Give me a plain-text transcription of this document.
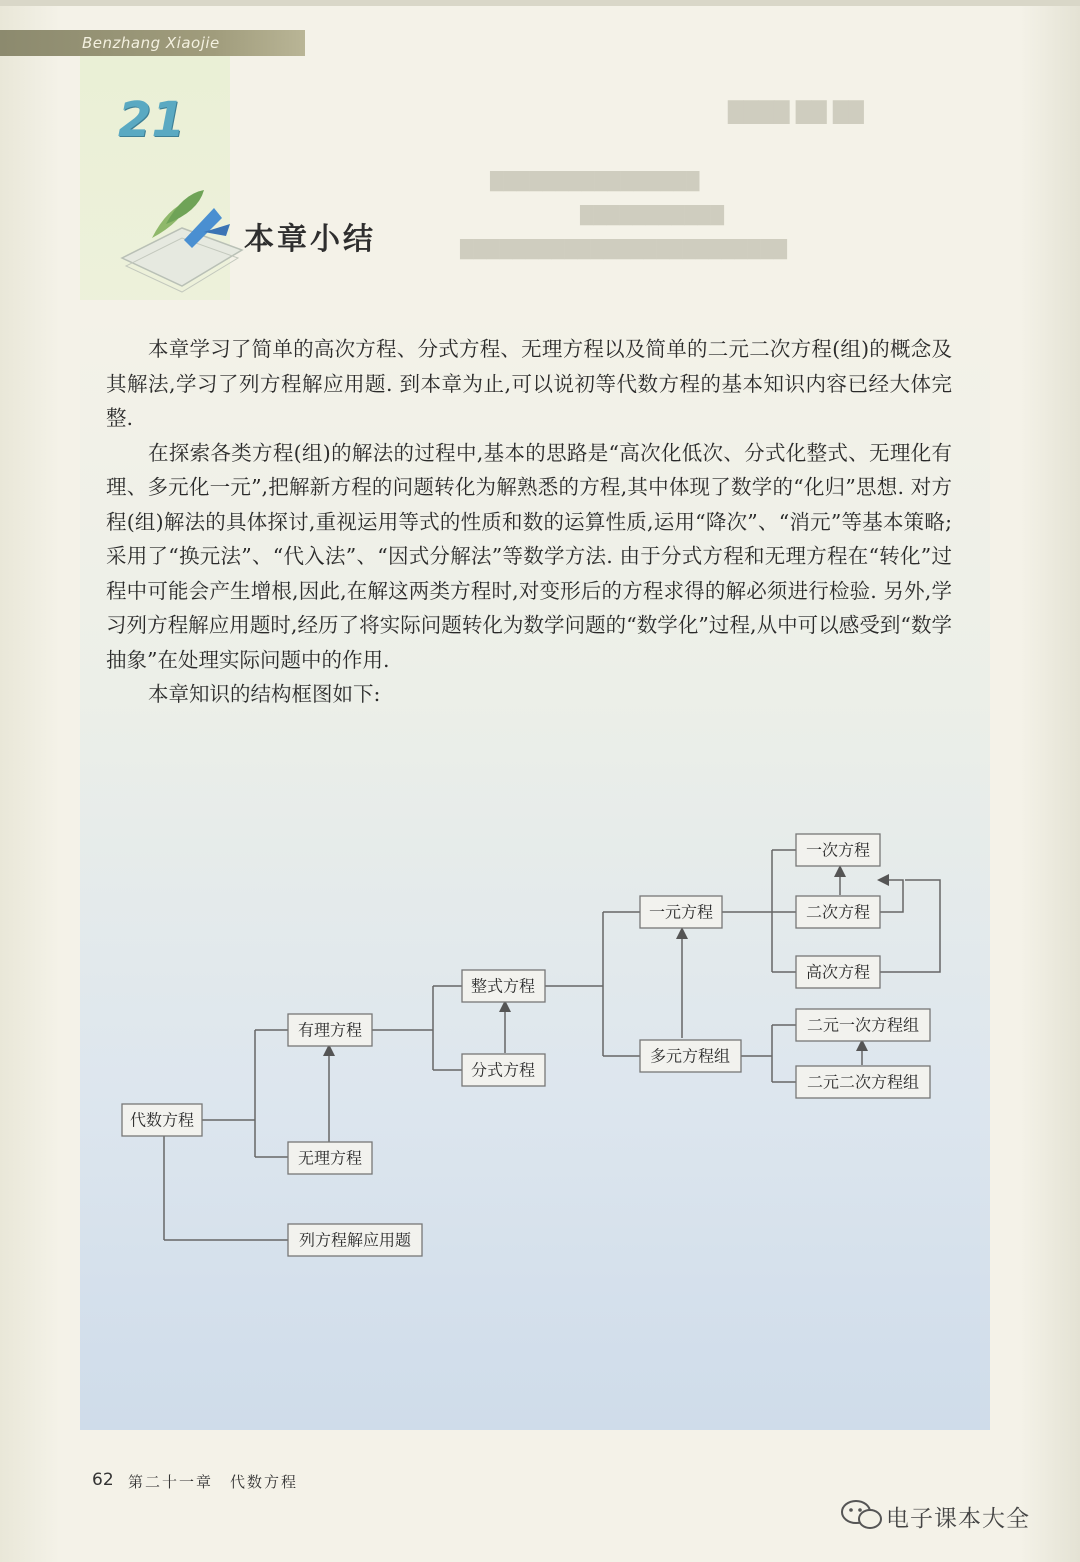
████ ██ ██
████████████████
███████████
█████████████████████████
Benzhang Xiaojie
21
本章小结

本章学习了简单的高次方程、分式方程、无理方程以及简单的二元二次方程(组)的概念及其解法,学习了列方程解应用题. 到本章为止,可以说初等代数方程的基本知识内容已经大体完整.

在探索各类方程(组)的解法的过程中,基本的思路是“高次化低次、分式化整式、无理化有理、多元化一元”,把解新方程的问题转化为解熟悉的方程,其中体现了数学的“化归”思想. 对方程(组)解法的具体探讨,重视运用等式的性质和数的运算性质,运用“降次”、“消元”等基本策略;采用了“换元法”、“代入法”、“因式分解法”等数学方法. 由于分式方程和无理方程在“转化”过程中可能会产生增根,因此,在解这两类方程时,对变形后的方程求得的解必须进行检验. 另外,学习列方程解应用题时,经历了将实际问题转化为数学问题的“数学化”过程,从中可以感受到“数学抽象”在处理实际问题中的作用.

本章知识的结构框图如下:

代数方程
有理方程
无理方程
列方程解应用题
整式方程
分式方程
一元方程
多元方程组
一次方程
二次方程
高次方程
二元一次方程组
二元二次方程组
62 第二十一章　代数方程
电子课本大全
